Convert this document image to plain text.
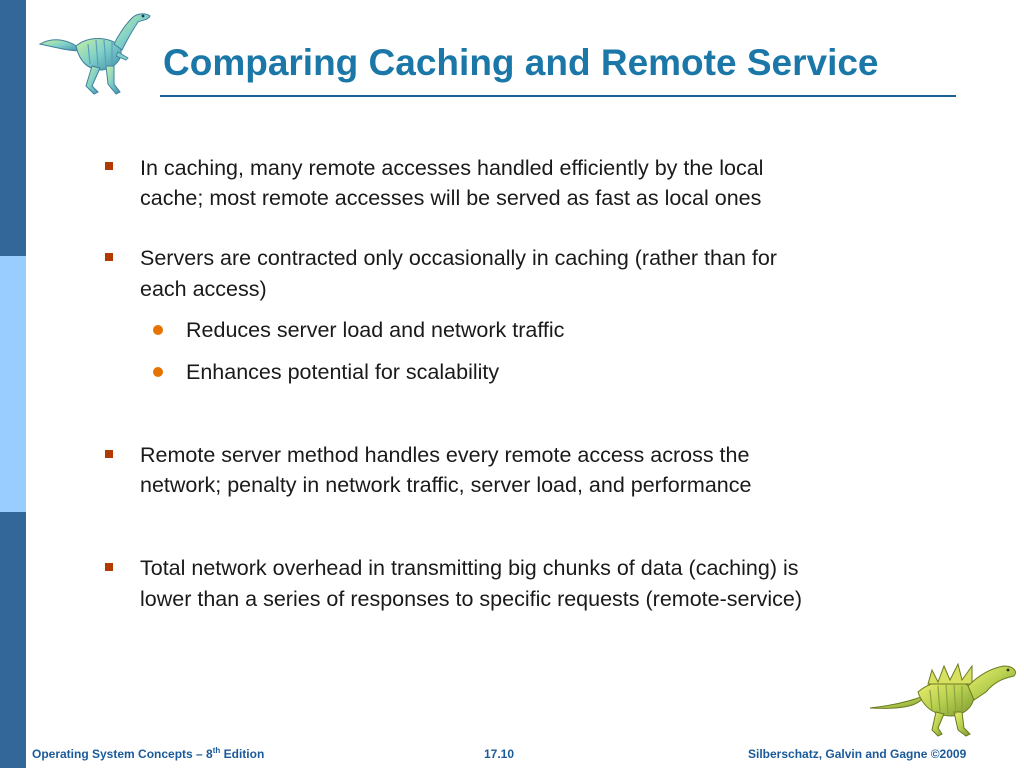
Comparing Caching and Remote Service
In caching, many remote accesses handled efficiently by the local
cache; most remote accesses will be served as fast as local ones
Servers are contracted only occasionally in caching (rather than for
each access)
Reduces server load and network traffic
Enhances potential for scalability
Remote server method handles every remote access across the
network; penalty in network traffic, server load, and performance
Total network overhead in transmitting big chunks of data (caching) is
lower than a series of responses to specific requests (remote-service)
Operating System Concepts – 8th Edition	17.10	Silberschatz, Galvin and Gagne ©2009
